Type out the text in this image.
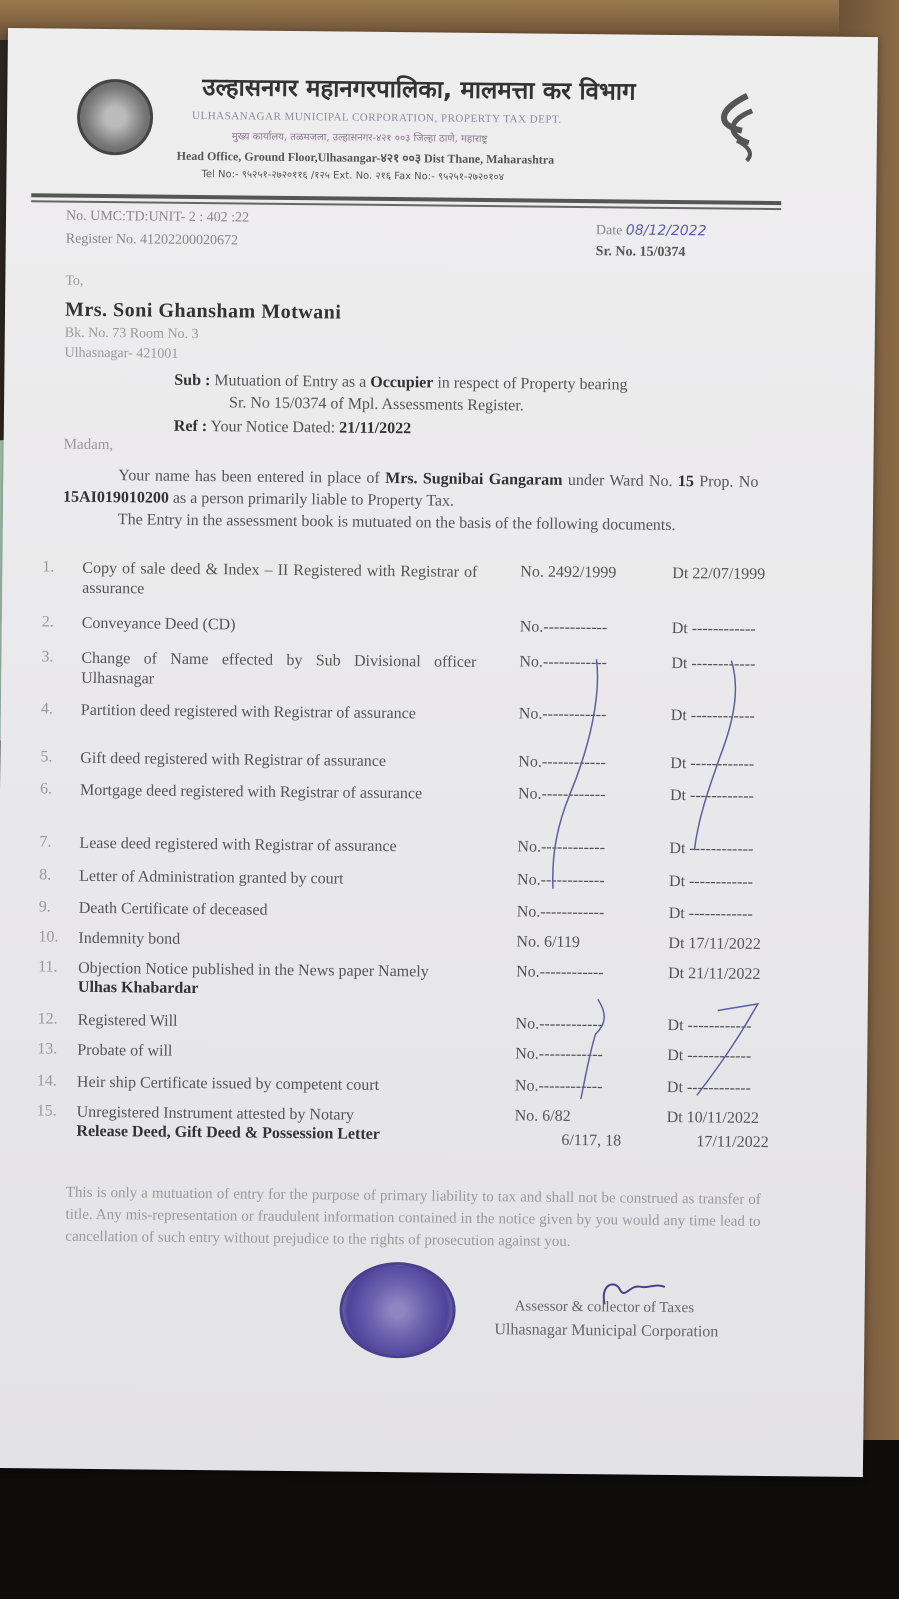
उल्हासनगर महानगरपालिका, मालमत्ता कर विभाग
ULHASANAGAR MUNICIPAL CORPORATION, PROPERTY TAX DEPT.
मुख्य कार्यालय, तळमजला, उल्हासनगर-४२१ ००३ जिल्हा ठाणे, महाराष्ट्र
Head Office, Ground Floor,Ulhasangar-४२१ ००३ Dist Thane, Maharashtra
Tel No:- ९५२५१-२७२०११६ /१२५ Ext. No. २१६ Fax No:- ९५२५१-२७२०१०४
No. UMC:TD:UNIT- 2 : 402 :22
Register No. 41202200020672
Date 08/12/2022
Sr. No. 15/0374
To,
Mrs. Soni Ghansham Motwani
Bk. No. 73 Room No. 3
Ulhasnagar- 421001
Sub : Mutuation of Entry as a Occupier in respect of Property bearing
Sr. No 15/0374 of Mpl. Assessments Register.
Ref : Your Notice Dated: 21/11/2022
Madam,
Your name has been entered in place of Mrs. Sugnibai Gangaram under Ward No. 15 Prop. No 15AI019010200 as a person primarily liable to Property Tax.
The Entry in the assessment book is mutuated on the basis of the following documents.
1.	Copy of sale deed & Index – II Registered with Registrar of assurance
No. 2492/1999	Dt 22/07/1999
2.	Conveyance Deed (CD)	No.------------	Dt ------------
3.	Change of Name effected by Sub Divisional officer Ulhasnagar
No.------------	Dt ------------
4.	Partition deed registered with Registrar of assurance	No.------------	Dt ------------
5.	Gift deed registered with Registrar of assurance	No.------------	Dt ------------
6.	Mortgage deed registered with Registrar of assurance	No.------------	Dt ------------
7.	Lease deed registered with Registrar of assurance	No.------------	Dt ------------
8.	Letter of Administration granted by court	No.------------	Dt ------------
9.	Death Certificate of deceased	No.------------	Dt ------------
10.	Indemnity bond	No. 6/119	Dt 17/11/2022
11.	Objection Notice published in the News paper Namely
Ulhas Khabardar
No.------------	Dt 21/11/2022
12.	Registered Will	No.------------	Dt ------------
13.	Probate of will	No.------------	Dt ------------
14.	Heir ship Certificate issued by competent court	No.------------	Dt ------------
15.	Unregistered Instrument attested by Notary
Release Deed, Gift Deed & Possession Letter
No. 6/82	Dt 10/11/2022
6/117, 18	17/11/2022
This is only a mutuation of entry for the purpose of primary liability to tax and shall not be construed as transfer of title. Any mis-representation or fraudulent information contained in the notice given by you would any time lead to cancellation of such entry without prejudice to the rights of prosecution against you.
Assessor & collector of Taxes
Ulhasnagar Municipal Corporation
